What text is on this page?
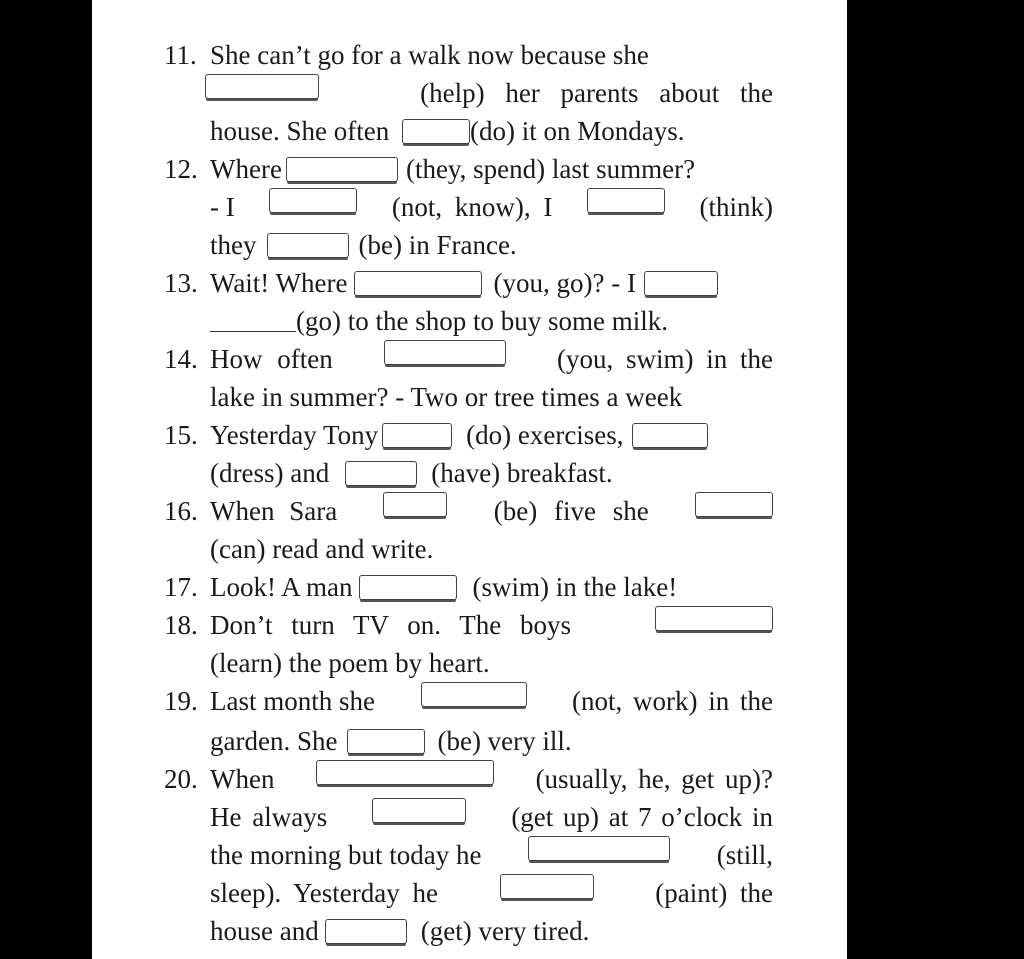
11. She can’t go for a walk now because she
(help) her parents about the
house. She often	(do) it on Mondays.
12. Where	(they, spend) last summer?
- I	(not, know), I	(think)
they	(be) in France.
13. Wait! Where	(you, go)? - I
(go) to the shop to buy some milk.
14. How often	(you, swim) in the
lake in summer? - Two or tree times a week
15. Yesterday Tony	(do) exercises,
(dress) and	(have) breakfast.
16. When Sara	(be) five she
(can) read and write.
17. Look! A man	(swim) in the lake!
18. Don’t turn TV on. The boys
(learn) the poem by heart.
19. Last month she	(not, work) in the
garden. She	(be) very ill.
20. When	(usually, he, get up)?
He always	(get up) at 7 o’clock in
the morning but today he	(still,
sleep). Yesterday he	(paint) the
house and	(get) very tired.
